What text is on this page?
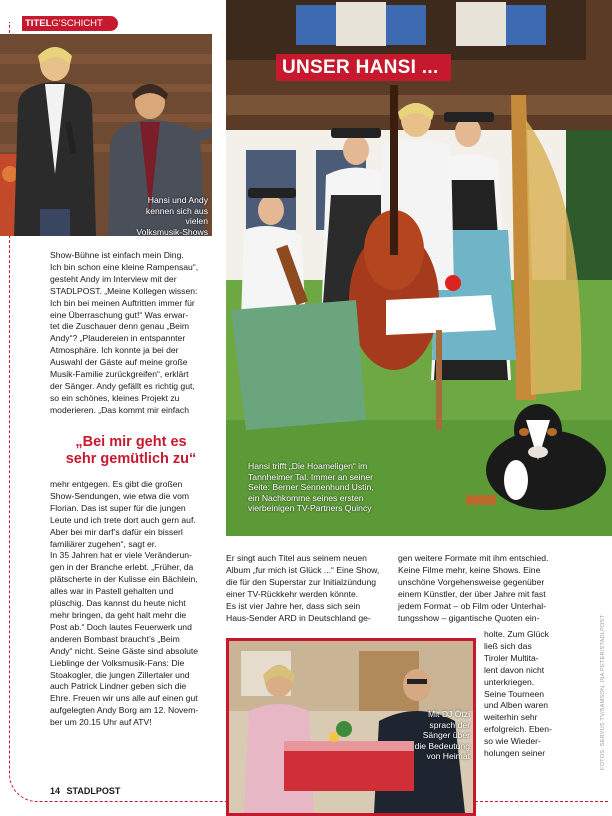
TITELG'SCHICHT
Hansi und Andy
kennen sich aus vielen
Volksmusik-Shows
UNSER HANSI ...
Hansi trifft „Die Hoameligen“ im
Tannheimer Tal. Immer an seiner
Seite: Berner Sennenhund Ustin,
ein Nachkomme seines ersten
vierbeinigen TV-Partners Quincy
Show-Bühne ist einfach mein Ding.
Ich bin schon eine kleine Rampensau“,
gesteht Andy im Interview mit der
STADLPOST. „Meine Kollegen wissen:
Ich bin bei meinen Auftritten immer für
eine Überraschung gut!“ Was erwar-
tet die Zuschauer denn genau „Beim
Andy“? „Plaudereien in entspannter
Atmosphäre. Ich konnte ja bei der
Auswahl der Gäste auf meine große
Musik-Familie zurückgreifen“, erklärt
der Sänger. Andy gefällt es richtig gut,
so ein schönes, kleines Projekt zu
moderieren. „Das kommt mir einfach
„Bei mir geht es
sehr gemütlich zu“
mehr entgegen. Es gibt die großen
Show-Sendungen, wie etwa die vom
Florian. Das ist super für die jungen
Leute und ich trete dort auch gern auf.
Aber bei mir darf’s dafür ein bisserl
familiärer zugehen“, sagt er.
In 35 Jahren hat er viele Veränderun-
gen in der Branche erlebt. „Früher, da
plätscherte in der Kulisse ein Bächlein,
alles war in Pastell gehalten und
plüschig. Das kannst du heute nicht
mehr bringen, da geht halt mehr die
Post ab.“ Doch lautes Feuerwerk und
anderen Bombast braucht’s „Beim
Andy“ nicht. Seine Gäste sind absolute
Lieblinge der Volksmusik-Fans: Die
Stoakogler, die jungen Zillertaler und
auch Patrick Lindner geben sich die
Ehre. Freuen wir uns alle auf einen gut
aufgelegten Andy Borg am 12. Novem-
ber um 20.15 Uhr auf ATV!
Er singt auch Titel aus seinem neuen
Album „fur mich ist Glück ...“ Eine Show,
die für den Superstar zur Initialzündung
einer TV-Rückkehr werden könnte.
Es ist vier Jahre her, dass sich sein
Haus-Sender ARD in Deutschland ge-
gen weitere Formate mit ihm entschied.
Keine Filme mehr, keine Shows. Eine
unschöne Vorgehensweise gegenüber
einem Künstler, der über Jahre mit fast
jedem Format – ob Film oder Unterhal-
tungsshow – gigantische Quoten ein-
holte. Zum Glück
ließ sich das
Tiroler Multita-
lent davon nicht
unterkriegen.
Seine Tourneen
und Alben waren
weiterhin sehr
erfolgreich. Eben-
so wie Wieder-
holungen seiner
Mit DJ Ötzi
sprach der
Sänger über
die Bedeutung
von Heimat	FOTOS: SERVUS TV/SAMSON, INA PETER/STADLPOST
14 STADLPOST
